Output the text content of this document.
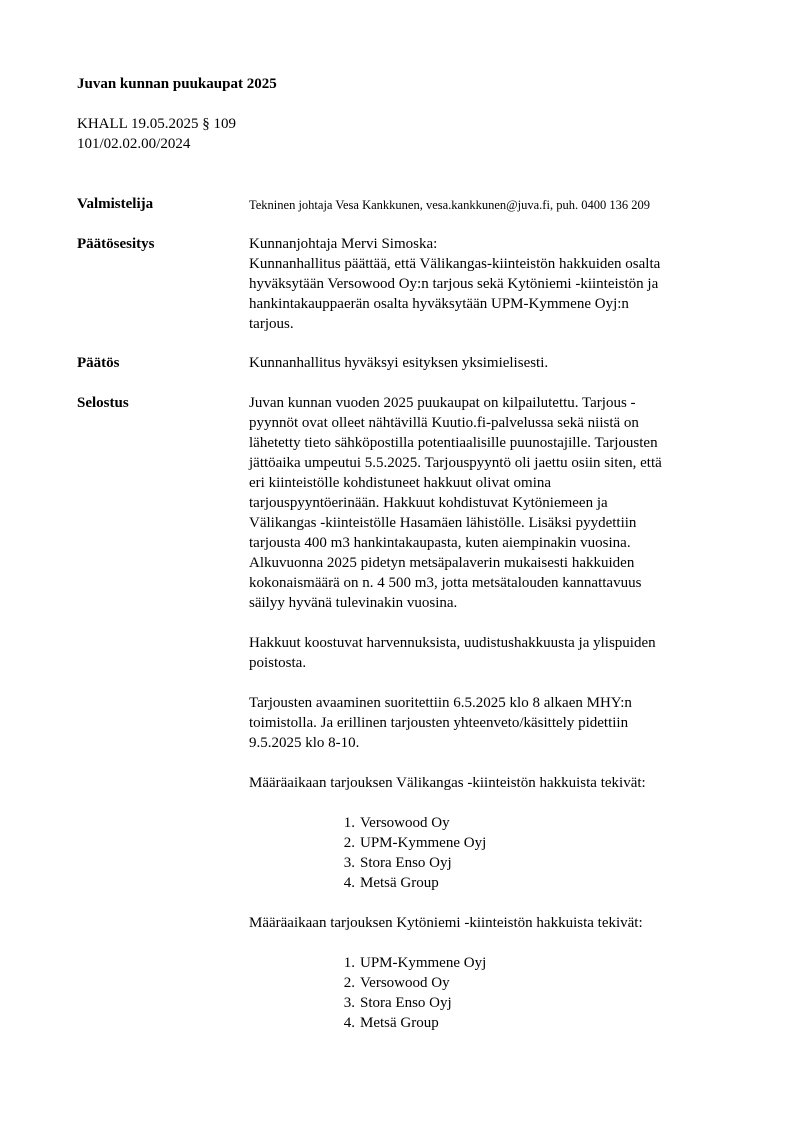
Juvan kunnan puukaupat 2025
KHALL 19.05.2025 § 109
101/02.02.00/2024
Valmistelija	Tekninen johtaja Vesa Kankkunen, vesa.kankkunen@juva.fi, puh. 0400 136 209
Päätösesitys	Kunnanjohtaja Mervi Simoska:
Kunnanhallitus päättää, että Välikangas-kiinteistön hakkuiden osalta
hyväksytään Versowood Oy:n tarjous sekä Kytöniemi -kiinteistön ja
hankintakauppaerän osalta hyväksytään UPM-Kymmene Oyj:n
tarjous.
Päätös	Kunnanhallitus hyväksyi esityksen yksimielisesti.
Selostus	Juvan kunnan vuoden 2025 puukaupat on kilpailutettu. Tarjous -
pyynnöt ovat olleet nähtävillä Kuutio.fi-palvelussa sekä niistä on
lähetetty tieto sähköpostilla potentiaalisille puunostajille. Tarjousten
jättöaika umpeutui 5.5.2025. Tarjouspyyntö oli jaettu osiin siten, että
eri kiinteistölle kohdistuneet hakkuut olivat omina
tarjouspyyntöerinään. Hakkuut kohdistuvat Kytöniemeen ja
Välikangas -kiinteistölle Hasamäen lähistölle. Lisäksi pyydettiin
tarjousta 400 m3 hankintakaupasta, kuten aiempinakin vuosina.
Alkuvuonna 2025 pidetyn metsäpalaverin mukaisesti hakkuiden
kokonaismäärä on n. 4 500 m3, jotta metsätalouden kannattavuus
säilyy hyvänä tulevinakin vuosina.
Hakkuut koostuvat harvennuksista, uudistushakkuusta ja ylispuiden
poistosta.
Tarjousten avaaminen suoritettiin 6.5.2025 klo 8 alkaen MHY:n
toimistolla. Ja erillinen tarjousten yhteenveto/käsittely pidettiin
9.5.2025 klo 8-10.
Määräaikaan tarjouksen Välikangas -kiinteistön hakkuista tekivät:
1. Versowood Oy
2. UPM-Kymmene Oyj
3. Stora Enso Oyj
4. Metsä Group
Määräaikaan tarjouksen Kytöniemi -kiinteistön hakkuista tekivät:
1. UPM-Kymmene Oyj
2. Versowood Oy
3. Stora Enso Oyj
4. Metsä Group
